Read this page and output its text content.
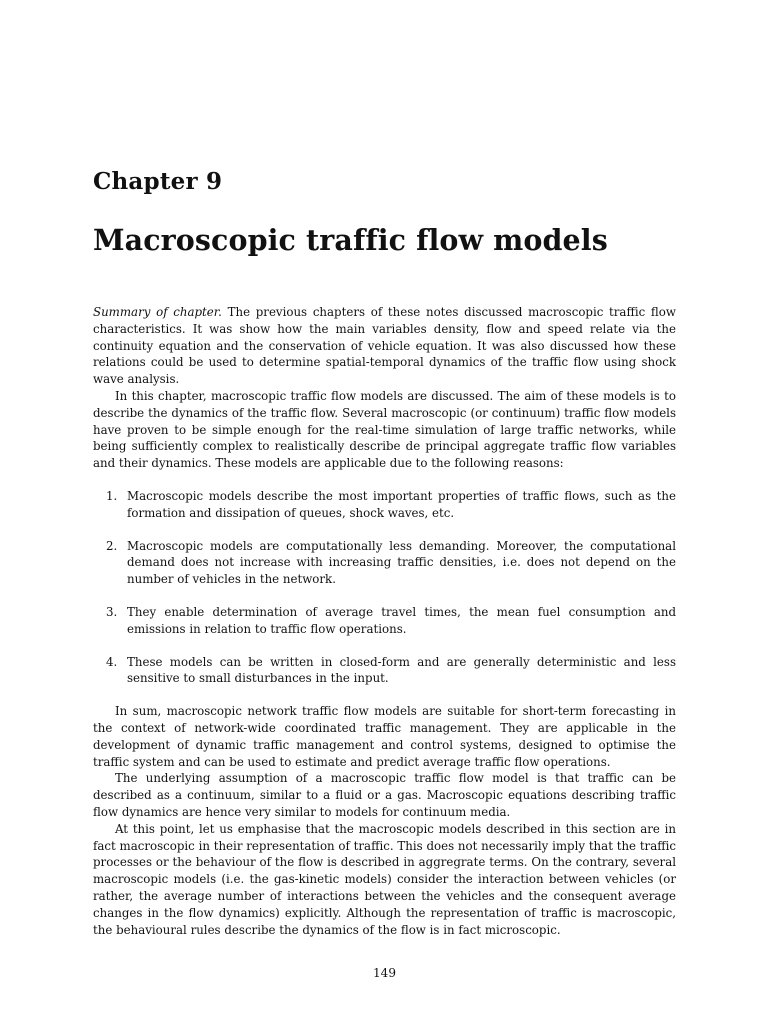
Chapter 9
Macroscopic traffic flow models

Summary of chapter. The previous chapters of these notes discussed macroscopic traffic flow characteristics. It was show how the main variables density, flow and speed relate via the continuity equation and the conservation of vehicle equation. It was also discussed how these relations could be used to determine spatial-temporal dynamics of the traffic flow using shock wave analysis.

In this chapter, macroscopic traffic flow models are discussed. The aim of these models is to describe the dynamics of the traffic flow. Several macroscopic (or continuum) traffic flow models have proven to be simple enough for the real-time simulation of large traffic networks, while being sufficiently complex to realistically describe de principal aggregate traffic flow variables and their dynamics. These models are applicable due to the following reasons:

1. Macroscopic models describe the most important properties of traffic flows, such as the formation and dissipation of queues, shock waves, etc.
2. Macroscopic models are computationally less demanding. Moreover, the computational demand does not increase with increasing traffic densities, i.e. does not depend on the number of vehicles in the network.
3. They enable determination of average travel times, the mean fuel consumption and emissions in relation to traffic flow operations.
4. These models can be written in closed-form and are generally deterministic and less sensitive to small disturbances in the input.

In sum, macroscopic network traffic flow models are suitable for short-term forecasting in the context of network-wide coordinated traffic management. They are applicable in the development of dynamic traffic management and control systems, designed to optimise the traffic system and can be used to estimate and predict average traffic flow operations.

The underlying assumption of a macroscopic traffic flow model is that traffic can be described as a continuum, similar to a fluid or a gas. Macroscopic equations describing traffic flow dynamics are hence very similar to models for continuum media.

At this point, let us emphasise that the macroscopic models described in this section are in fact macroscopic in their representation of traffic. This does not necessarily imply that the traffic processes or the behaviour of the flow is described in aggregrate terms. On the contrary, several macroscopic models (i.e. the gas-kinetic models) consider the interaction between vehicles (or rather, the average number of interactions between the vehicles and the consequent average changes in the flow dynamics) explicitly. Although the representation of traffic is macroscopic, the behavioural rules describe the dynamics of the flow is in fact microscopic.

149
